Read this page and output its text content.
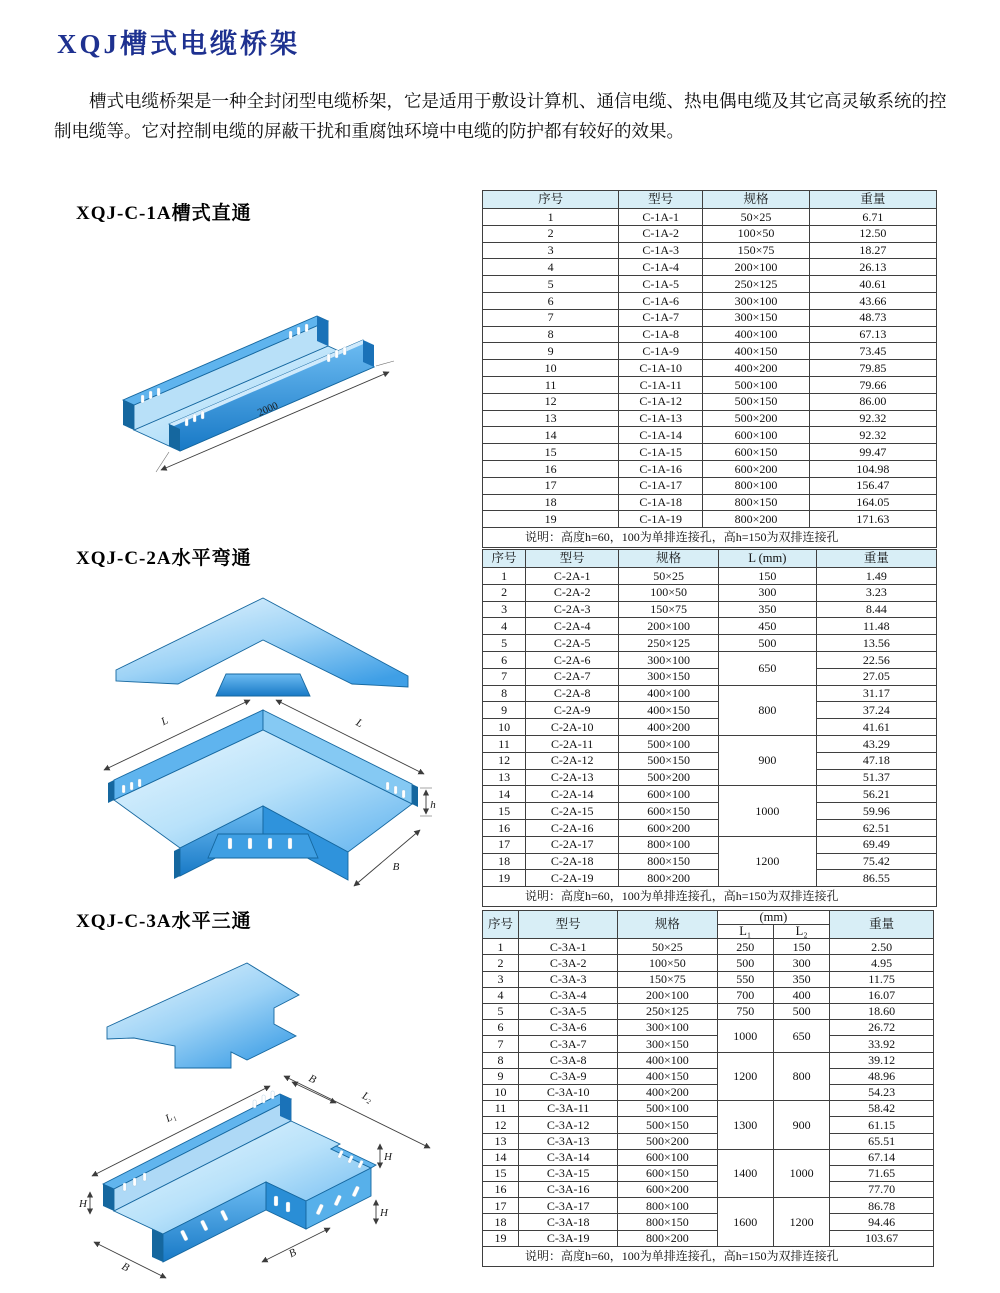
XQJ槽式电缆桥架

槽式电缆桥架是一种全封闭型电缆桥架，它是适用于敷设计算机、通信电缆、热电偶电缆及其它高灵敏系统的控制电缆等。它对控制电缆的屏蔽干扰和重腐蚀环境中电缆的防护都有较好的效果。

XQJ-C-1A槽式直通
XQJ-C-2A水平弯通
XQJ-C-3A水平三通
2000
L	L
h
B
L₁
B
L₂
H
H
H
B
B
序号	型号	规格	重量
1	C-1A-1	50×25	6.71
2	C-1A-2	100×50	12.50
3	C-1A-3	150×75	18.27
4	C-1A-4	200×100	26.13
5	C-1A-5	250×125	40.61
6	C-1A-6	300×100	43.66
7	C-1A-7	300×150	48.73
8	C-1A-8	400×100	67.13
9	C-1A-9	400×150	73.45
10	C-1A-10	400×200	79.85
11	C-1A-11	500×100	79.66
12	C-1A-12	500×150	86.00
13	C-1A-13	500×200	92.32
14	C-1A-14	600×100	92.32
15	C-1A-15	600×150	99.47
16	C-1A-16	600×200	104.98
17	C-1A-17	800×100	156.47
18	C-1A-18	800×150	164.05
19	C-1A-19	800×200	171.63
说明：高度h=60，100为单排连接孔，高h=150为双排连接孔			
序号	型号	规格	L (mm)	重量
1	C-2A-1	50×25	150	1.49
2	C-2A-2	100×50	300	3.23
3	C-2A-3	150×75	350	8.44
4	C-2A-4	200×100	450	11.48
5	C-2A-5	250×125	500	13.56
6	C-2A-6	300×100	650	22.56
7	C-2A-7	300×150		27.05
8	C-2A-8	400×100	800	31.17
9	C-2A-9	400×150		37.24
10	C-2A-10	400×200		41.61
11	C-2A-11	500×100	900	43.29
12	C-2A-12	500×150		47.18
13	C-2A-13	500×200		51.37
14	C-2A-14	600×100	1000	56.21
15	C-2A-15	600×150		59.96
16	C-2A-16	600×200		62.51
17	C-2A-17	800×100	1200	69.49
18	C-2A-18	800×150		75.42
19	C-2A-19	800×200		86.55
说明：高度h=60，100为单排连接孔，高h=150为双排连接孔				
序号	型号	规格	(mm)		重量
			L₁	L₂	
1	C-3A-1	50×25	250	150	2.50
2	C-3A-2	100×50	500	300	4.95
3	C-3A-3	150×75	550	350	11.75
4	C-3A-4	200×100	700	400	16.07
5	C-3A-5	250×125	750	500	18.60
6	C-3A-6	300×100	1000	650	26.72
7	C-3A-7	300×150			33.92
8	C-3A-8	400×100	1200	800	39.12
9	C-3A-9	400×150			48.96
10	C-3A-10	400×200			54.23
11	C-3A-11	500×100	1300	900	58.42
12	C-3A-12	500×150			61.15
13	C-3A-13	500×200			65.51
14	C-3A-14	600×100	1400	1000	67.14
15	C-3A-15	600×150			71.65
16	C-3A-16	600×200			77.70
17	C-3A-17	800×100	1600	1200	86.78
18	C-3A-18	800×150			94.46
19	C-3A-19	800×200			103.67
说明：高度h=60，100为单排连接孔，高h=150为双排连接孔					
